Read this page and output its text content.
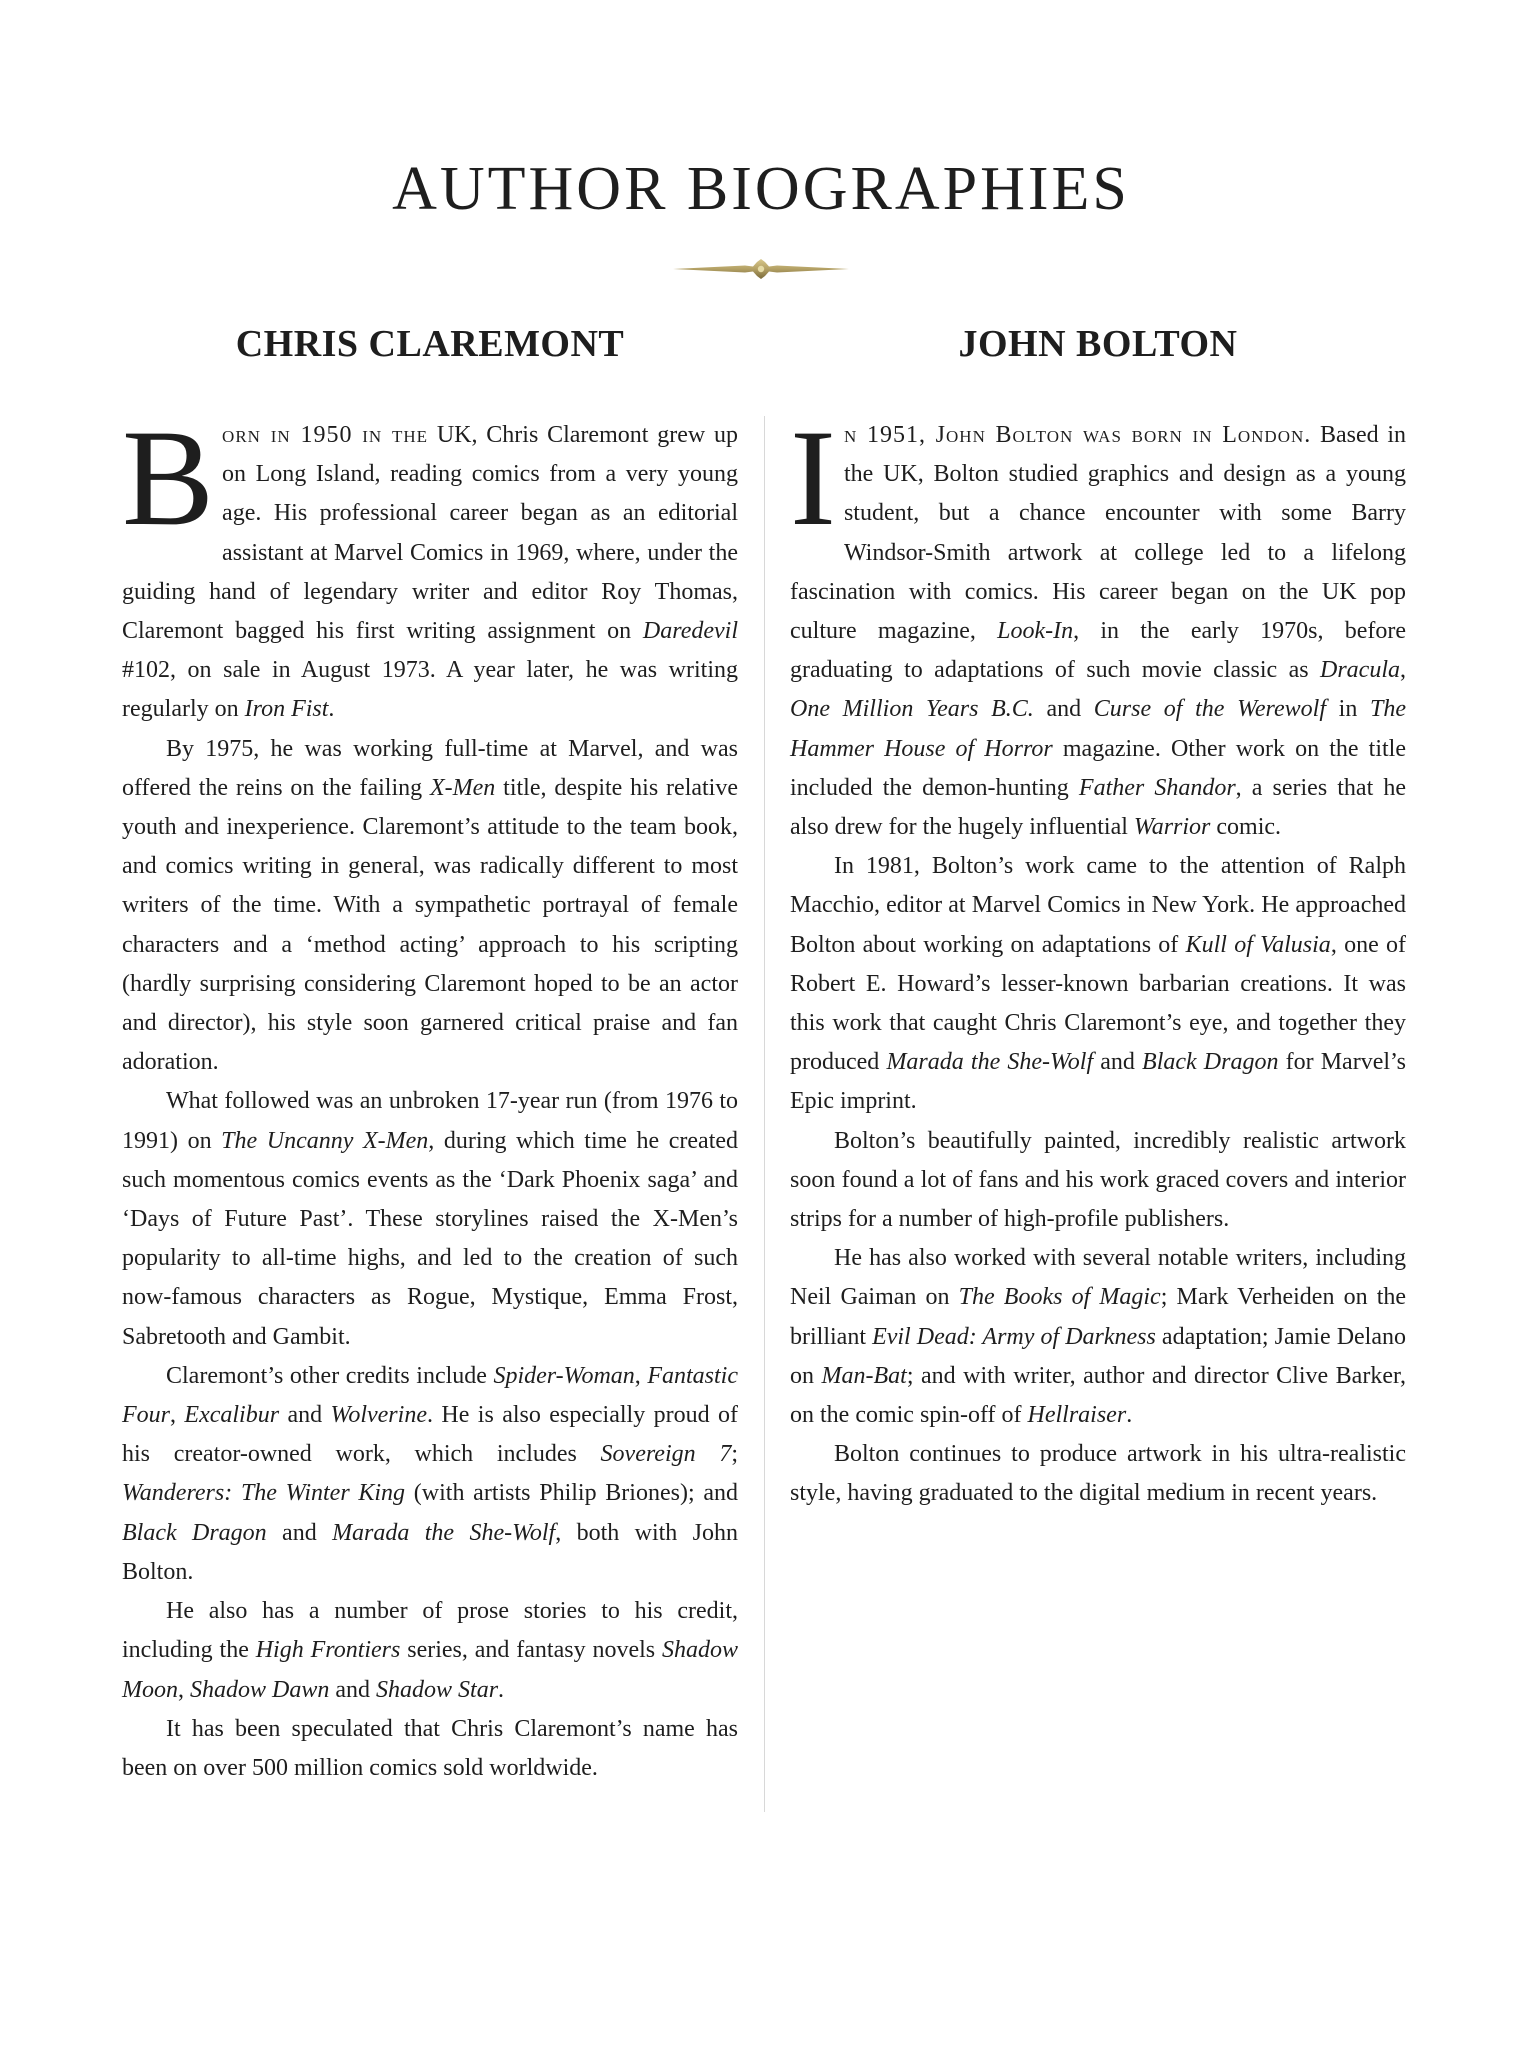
AUTHOR BIOGRAPHIES
CHRIS CLAREMONT

Born in 1950 in the UK, Chris Claremont grew up on Long Island, reading comics from a very young age. His professional career began as an editorial assistant at Marvel Comics in 1969, where, under the guiding hand of legendary writer and editor Roy Thomas, Claremont bagged his first writing assignment on Daredevil #102, on sale in August 1973. A year later, he was writing regularly on Iron Fist.

By 1975, he was working full-time at Marvel, and was offered the reins on the failing X-Men title, despite his relative youth and inexperience. Claremont’s attitude to the team book, and comics writing in general, was radically different to most writers of the time. With a sympathetic portrayal of female characters and a ‘method acting’ approach to his scripting (hardly surprising considering Claremont hoped to be an actor and director), his style soon garnered critical praise and fan adoration.

What followed was an unbroken 17-year run (from 1976 to 1991) on The Uncanny X-Men, during which time he created such momentous comics events as the ‘Dark Phoenix saga’ and ‘Days of Future Past’. These storylines raised the X-Men’s popularity to all-time highs, and led to the creation of such now-famous characters as Rogue, Mystique, Emma Frost, Sabretooth and Gambit.

Claremont’s other credits include Spider-Woman, Fantastic Four, Excalibur and Wolverine. He is also especially proud of his creator-owned work, which includes Sovereign 7; Wanderers: The Winter King (with artists Philip Briones); and Black Dragon and Marada the She-Wolf, both with John Bolton.

He also has a number of prose stories to his credit, including the High Frontiers series, and fantasy novels Shadow Moon, Shadow Dawn and Shadow Star.

It has been speculated that Chris Claremont’s name has been on over 500 million comics sold worldwide.

JOHN BOLTON

In 1951, John Bolton was born in London. Based in the UK, Bolton studied graphics and design as a young student, but a chance encounter with some Barry Windsor-Smith artwork at college led to a lifelong fascination with comics. His career began on the UK pop culture magazine, Look-In, in the early 1970s, before graduating to adaptations of such movie classic as Dracula, One Million Years B.C. and Curse of the Werewolf in The Hammer House of Horror magazine. Other work on the title included the demon-hunting Father Shandor, a series that he also drew for the hugely influential Warrior comic.

In 1981, Bolton’s work came to the attention of Ralph Macchio, editor at Marvel Comics in New York. He approached Bolton about working on adaptations of Kull of Valusia, one of Robert E. Howard’s lesser-known barbarian creations. It was this work that caught Chris Claremont’s eye, and together they produced Marada the She-Wolf and Black Dragon for Marvel’s Epic imprint.

Bolton’s beautifully painted, incredibly realistic artwork soon found a lot of fans and his work graced covers and interior strips for a number of high-profile publishers.

He has also worked with several notable writers, including Neil Gaiman on The Books of Magic; Mark Verheiden on the brilliant Evil Dead: Army of Darkness adaptation; Jamie Delano on Man-Bat; and with writer, author and director Clive Barker, on the comic spin-off of Hellraiser.

Bolton continues to produce artwork in his ultra-realistic style, having graduated to the digital medium in recent years.
